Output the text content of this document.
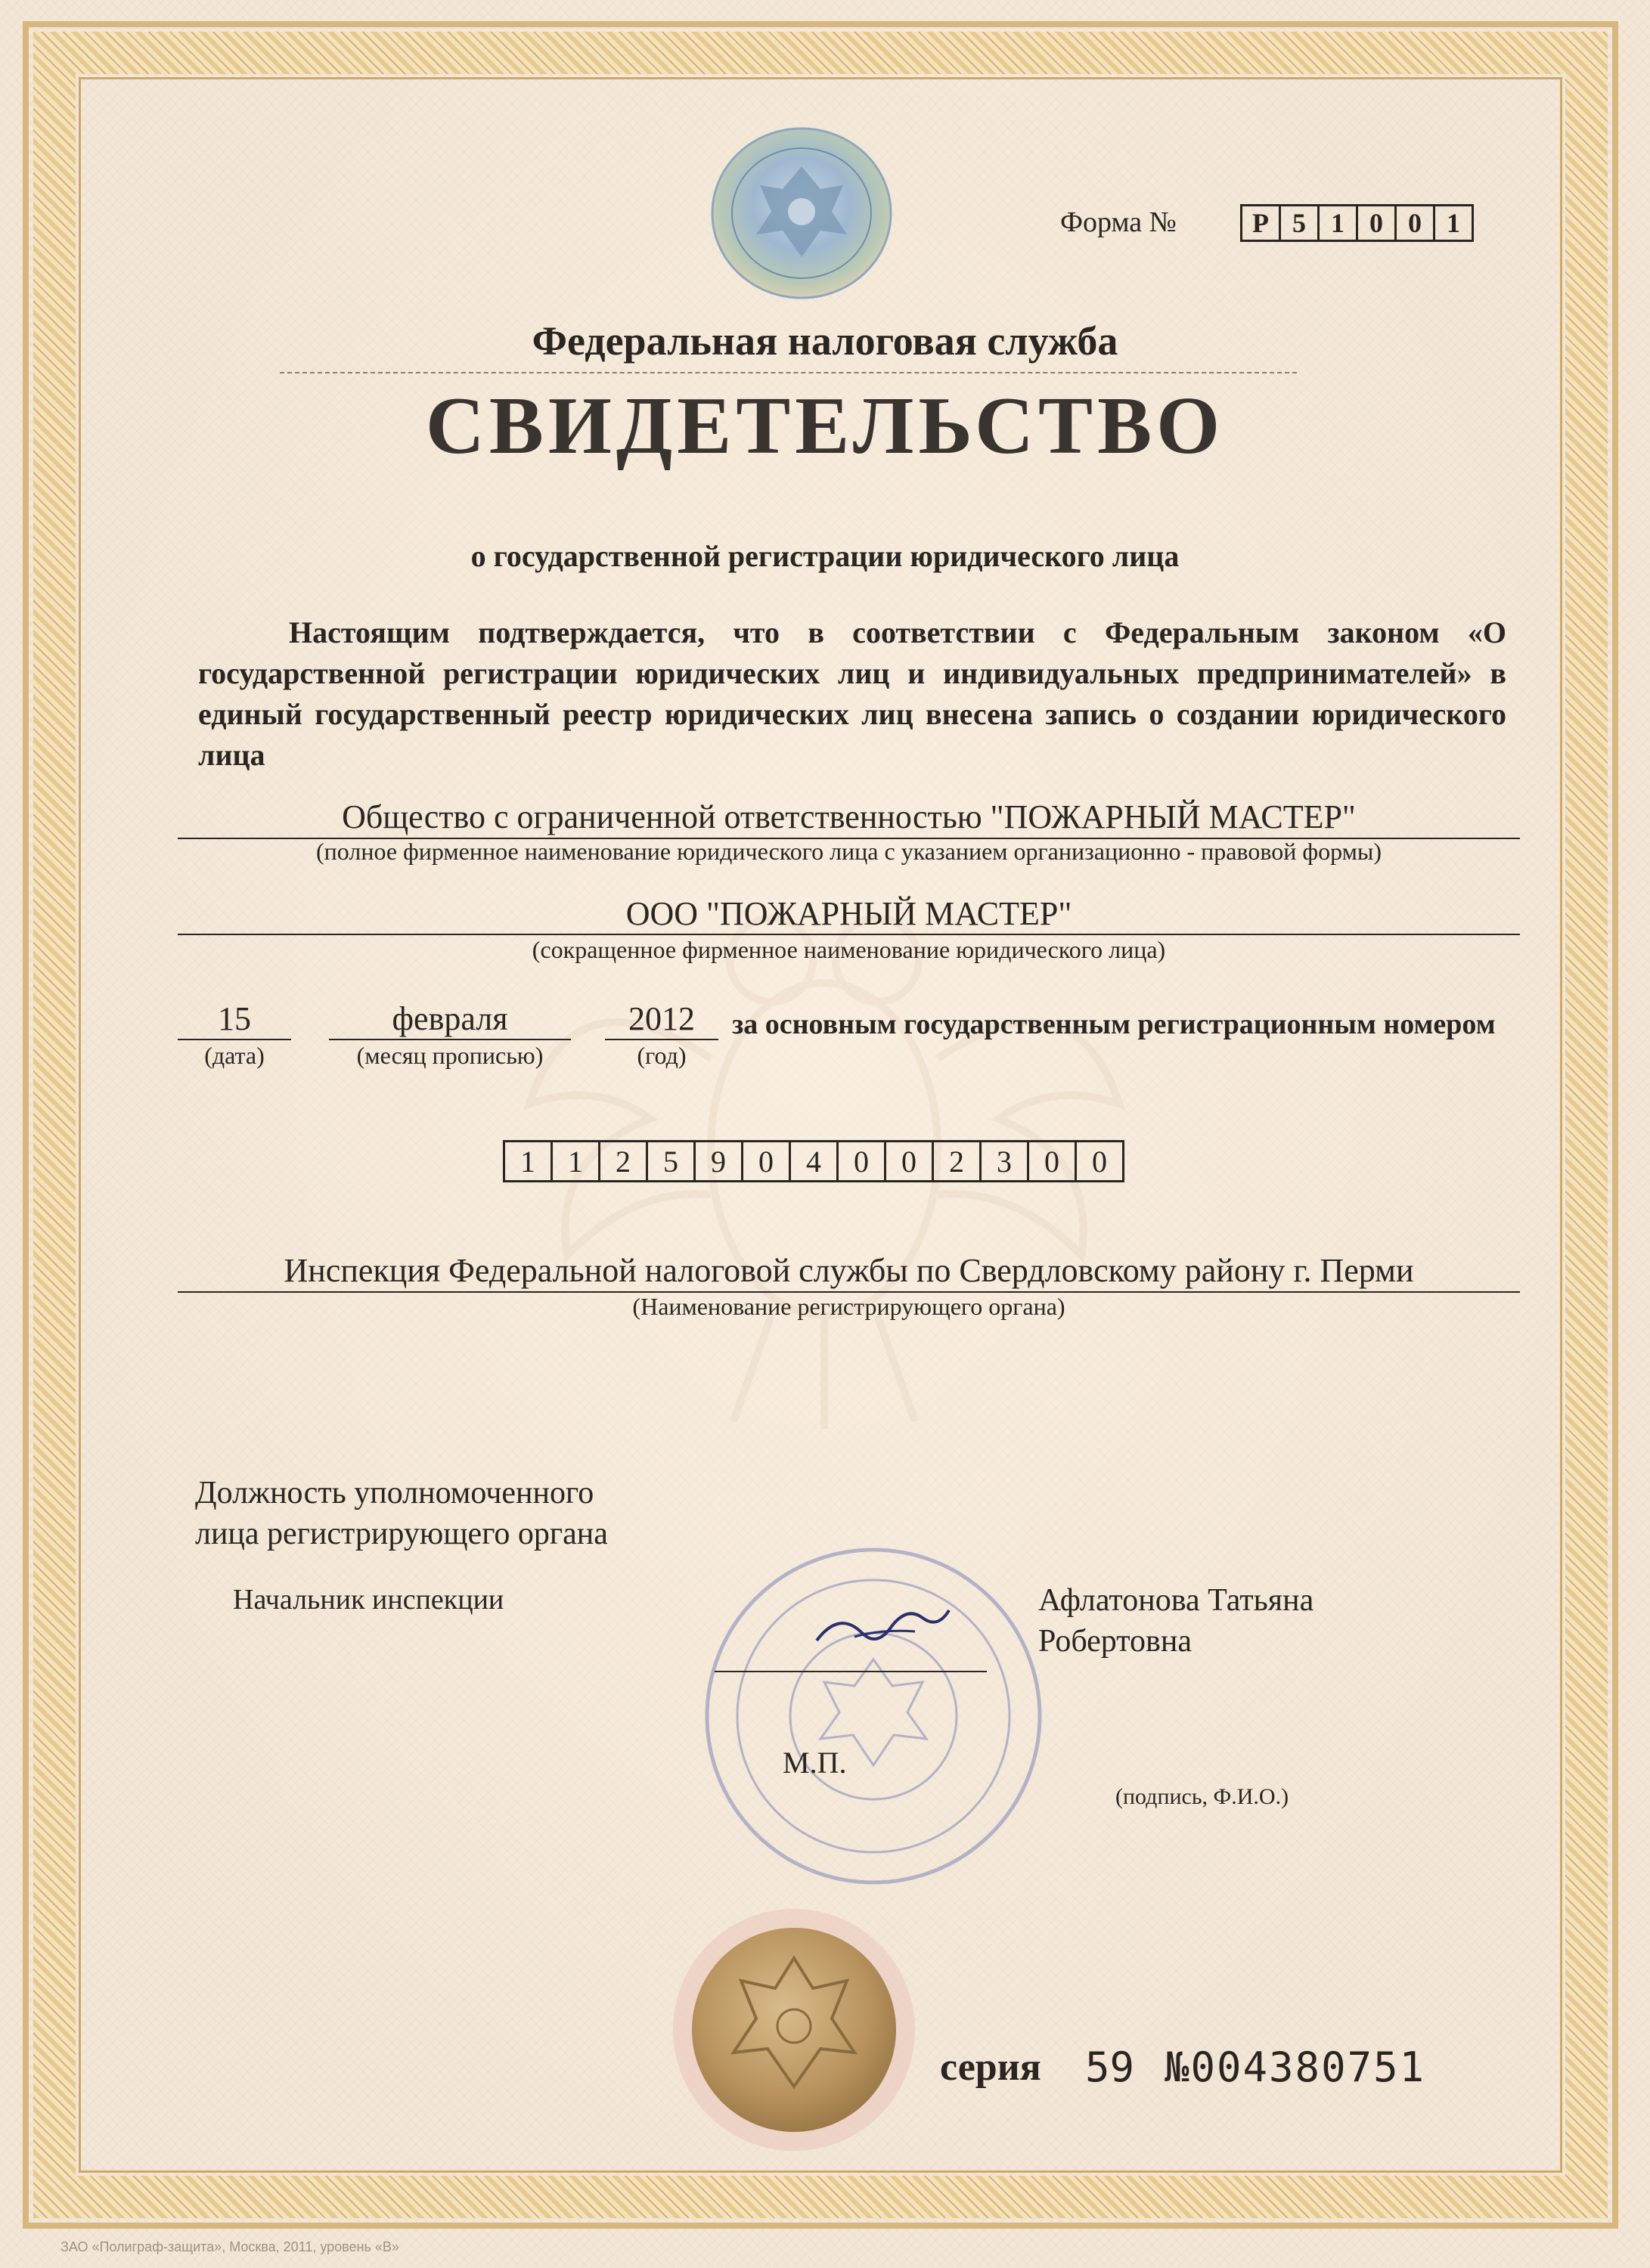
Форма №	Р 5 1 0 0 1
Федеральная налоговая служба
СВИДЕТЕЛЬСТВО
о государственной регистрации юридического лица
Настоящим подтверждается, что в соответствии с Федеральным законом «О государственной регистрации юридических лиц и индивидуальных предпринимателей» в единый государственный реестр юридических лиц внесена запись о создании юридического лица
Общество с ограниченной ответственностью "ПОЖАРНЫЙ МАСТЕР"
(полное фирменное наименование юридического лица с указанием организационно - правовой формы)
ООО "ПОЖАРНЫЙ МАСТЕР"
(сокращенное фирменное наименование юридического лица)
15
(дата)
февраля
(месяц прописью)
2012
(год)
за основным государственным регистрационным номером
1	1	2	5	9	0	4	0	0	2	3	0	0
Инспекция Федеральной налоговой службы по Свердловскому району г. Перми
(Наименование регистрирующего органа)
Должность уполномоченного
лица регистрирующего органа
Начальник инспекции	Афлатонова Татьяна
Робертовна
М.П.
(подпись, Ф.И.О.)
серия 59 №004380751
ЗАО «Полиграф-защита», Москва, 2011, уровень «В»
